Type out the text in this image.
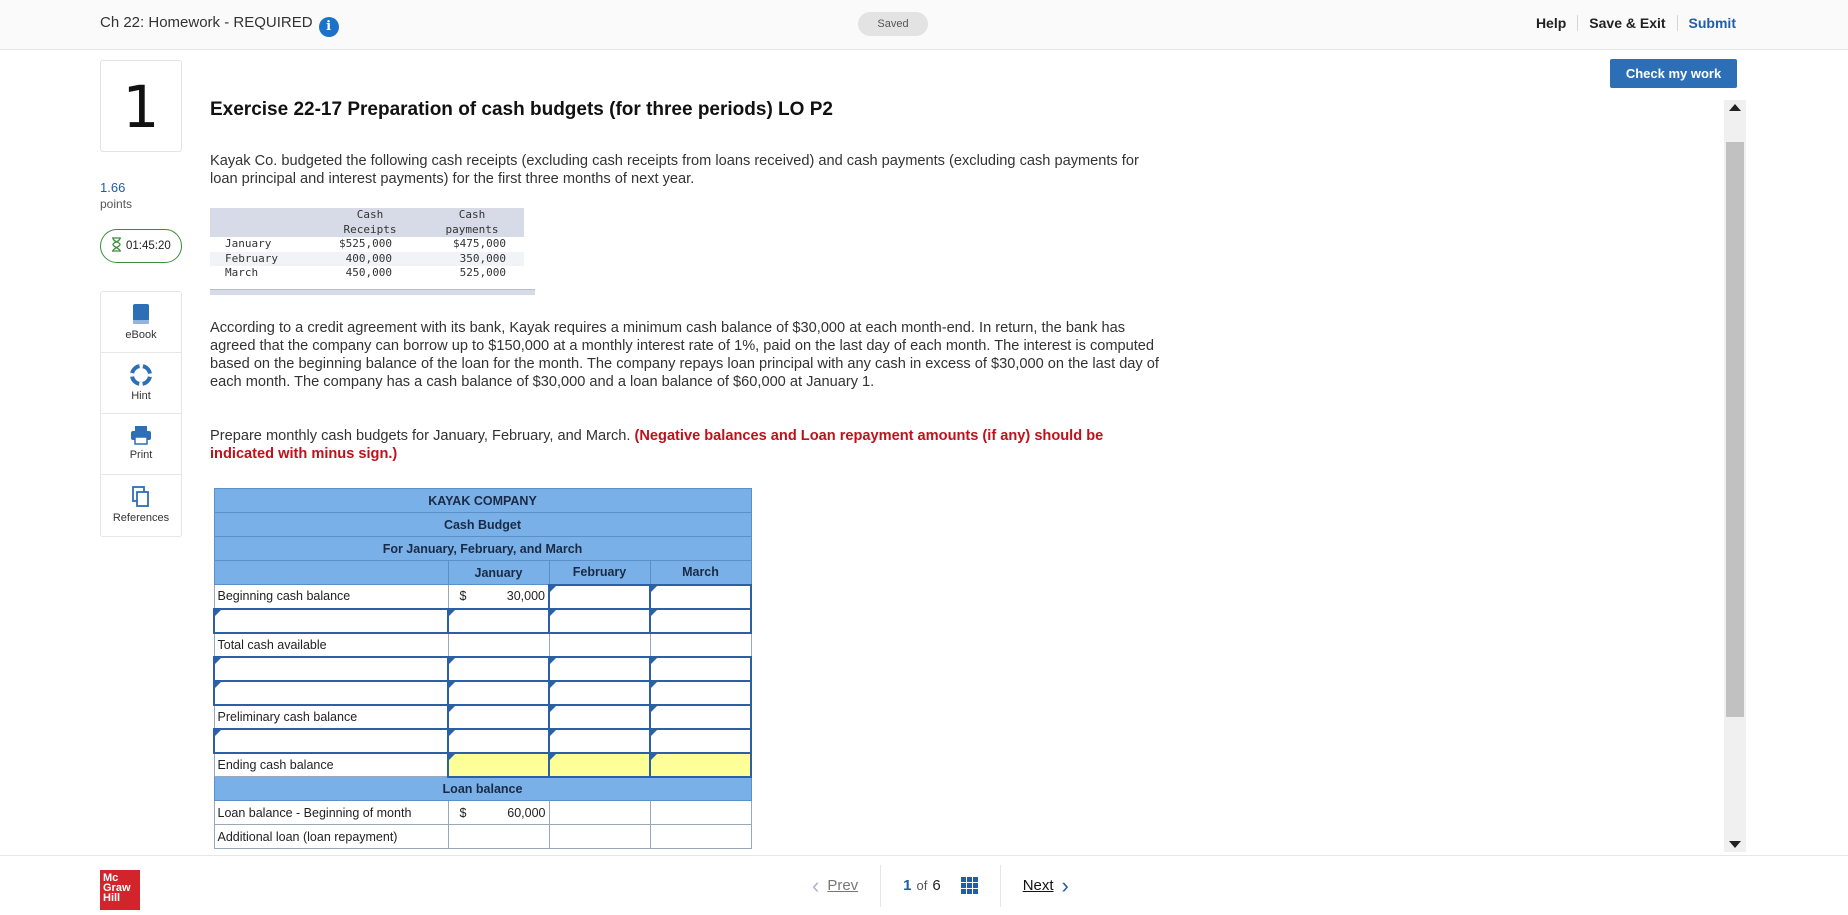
Ch 22: Homework - REQUIRED i	Saved	Help Save & Exit Submit
Check my work
1
1.66
points
01:45:20
eBook
Hint
Print
References
Exercise 22-17 Preparation of cash budgets (for three periods) LO P2
Kayak Co. budgeted the following cash receipts (excluding cash receipts from loans received) and cash payments (excluding cash payments for loan principal and interest payments) for the first three months of next year.
	Cash	Cash
	Receipts	payments
January	$525,000	$475,000
February	400,000	350,000
March	450,000	525,000
According to a credit agreement with its bank, Kayak requires a minimum cash balance of $30,000 at each month-end. In return, the bank has agreed that the company can borrow up to $150,000 at a monthly interest rate of 1%, paid on the last day of each month. The interest is computed based on the beginning balance of the loan for the month. The company repays loan principal with any cash in excess of $30,000 on the last day of each month. The company has a cash balance of $30,000 and a loan balance of $60,000 at January 1.
Prepare monthly cash budgets for January, February, and March. (Negative balances and Loan repayment amounts (if any) should be indicated with minus sign.)
KAYAK COMPANY			
Cash Budget			
For January, February, and March			
	January	February	March
Beginning cash balance	$ 30,000		

Total cash available			

Preliminary cash balance			

Ending cash balance			
Loan balance			
Loan balance - Beginning of month	$ 60,000		

Additional loan (loan repayment)			
Mc
Graw
Hill
‹ Prev	1 of 6	Next ›
